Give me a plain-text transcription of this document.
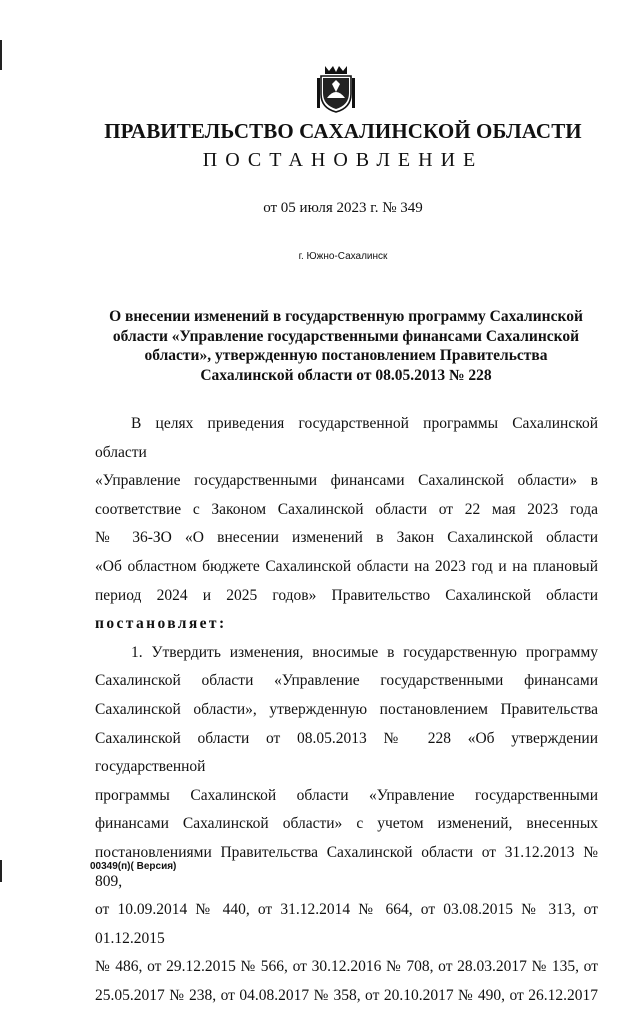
ПРАВИТЕЛЬСТВО САХАЛИНСКОЙ ОБЛАСТИ
ПОСТАНОВЛЕНИЕ
от 05 июля 2023 г. № 349
г. Южно-Сахалинск
О внесении изменений в государственную программу Сахалинской
области «Управление государственными финансами Сахалинской
области», утвержденную постановлением Правительства
Сахалинской области от 08.05.2013 № 228
В целях приведения государственной программы Сахалинской области
«Управление государственными финансами Сахалинской области» в
соответствие с Законом Сахалинской области от 22 мая 2023 года
№ 36-ЗО «О внесении изменений в Закон Сахалинской области
«Об областном бюджете Сахалинской области на 2023 год и на плановый
период 2024 и 2025 годов» Правительство Сахалинской области
постановляет:
1. Утвердить изменения, вносимые в государственную программу
Сахалинской области «Управление государственными финансами
Сахалинской области», утвержденную постановлением Правительства
Сахалинской области от 08.05.2013 № 228 «Об утверждении государственной
программы Сахалинской области «Управление государственными
финансами Сахалинской области» с учетом изменений, внесенных
постановлениями Правительства Сахалинской области от 31.12.2013 № 809,
от 10.09.2014 № 440, от 31.12.2014 № 664, от 03.08.2015 № 313, от 01.12.2015
№ 486, от 29.12.2015 № 566, от 30.12.2016 № 708, от 28.03.2017 № 135, от
25.05.2017 № 238, от 04.08.2017 № 358, от 20.10.2017 № 490, от 26.12.2017
00349(п)( Версия)
